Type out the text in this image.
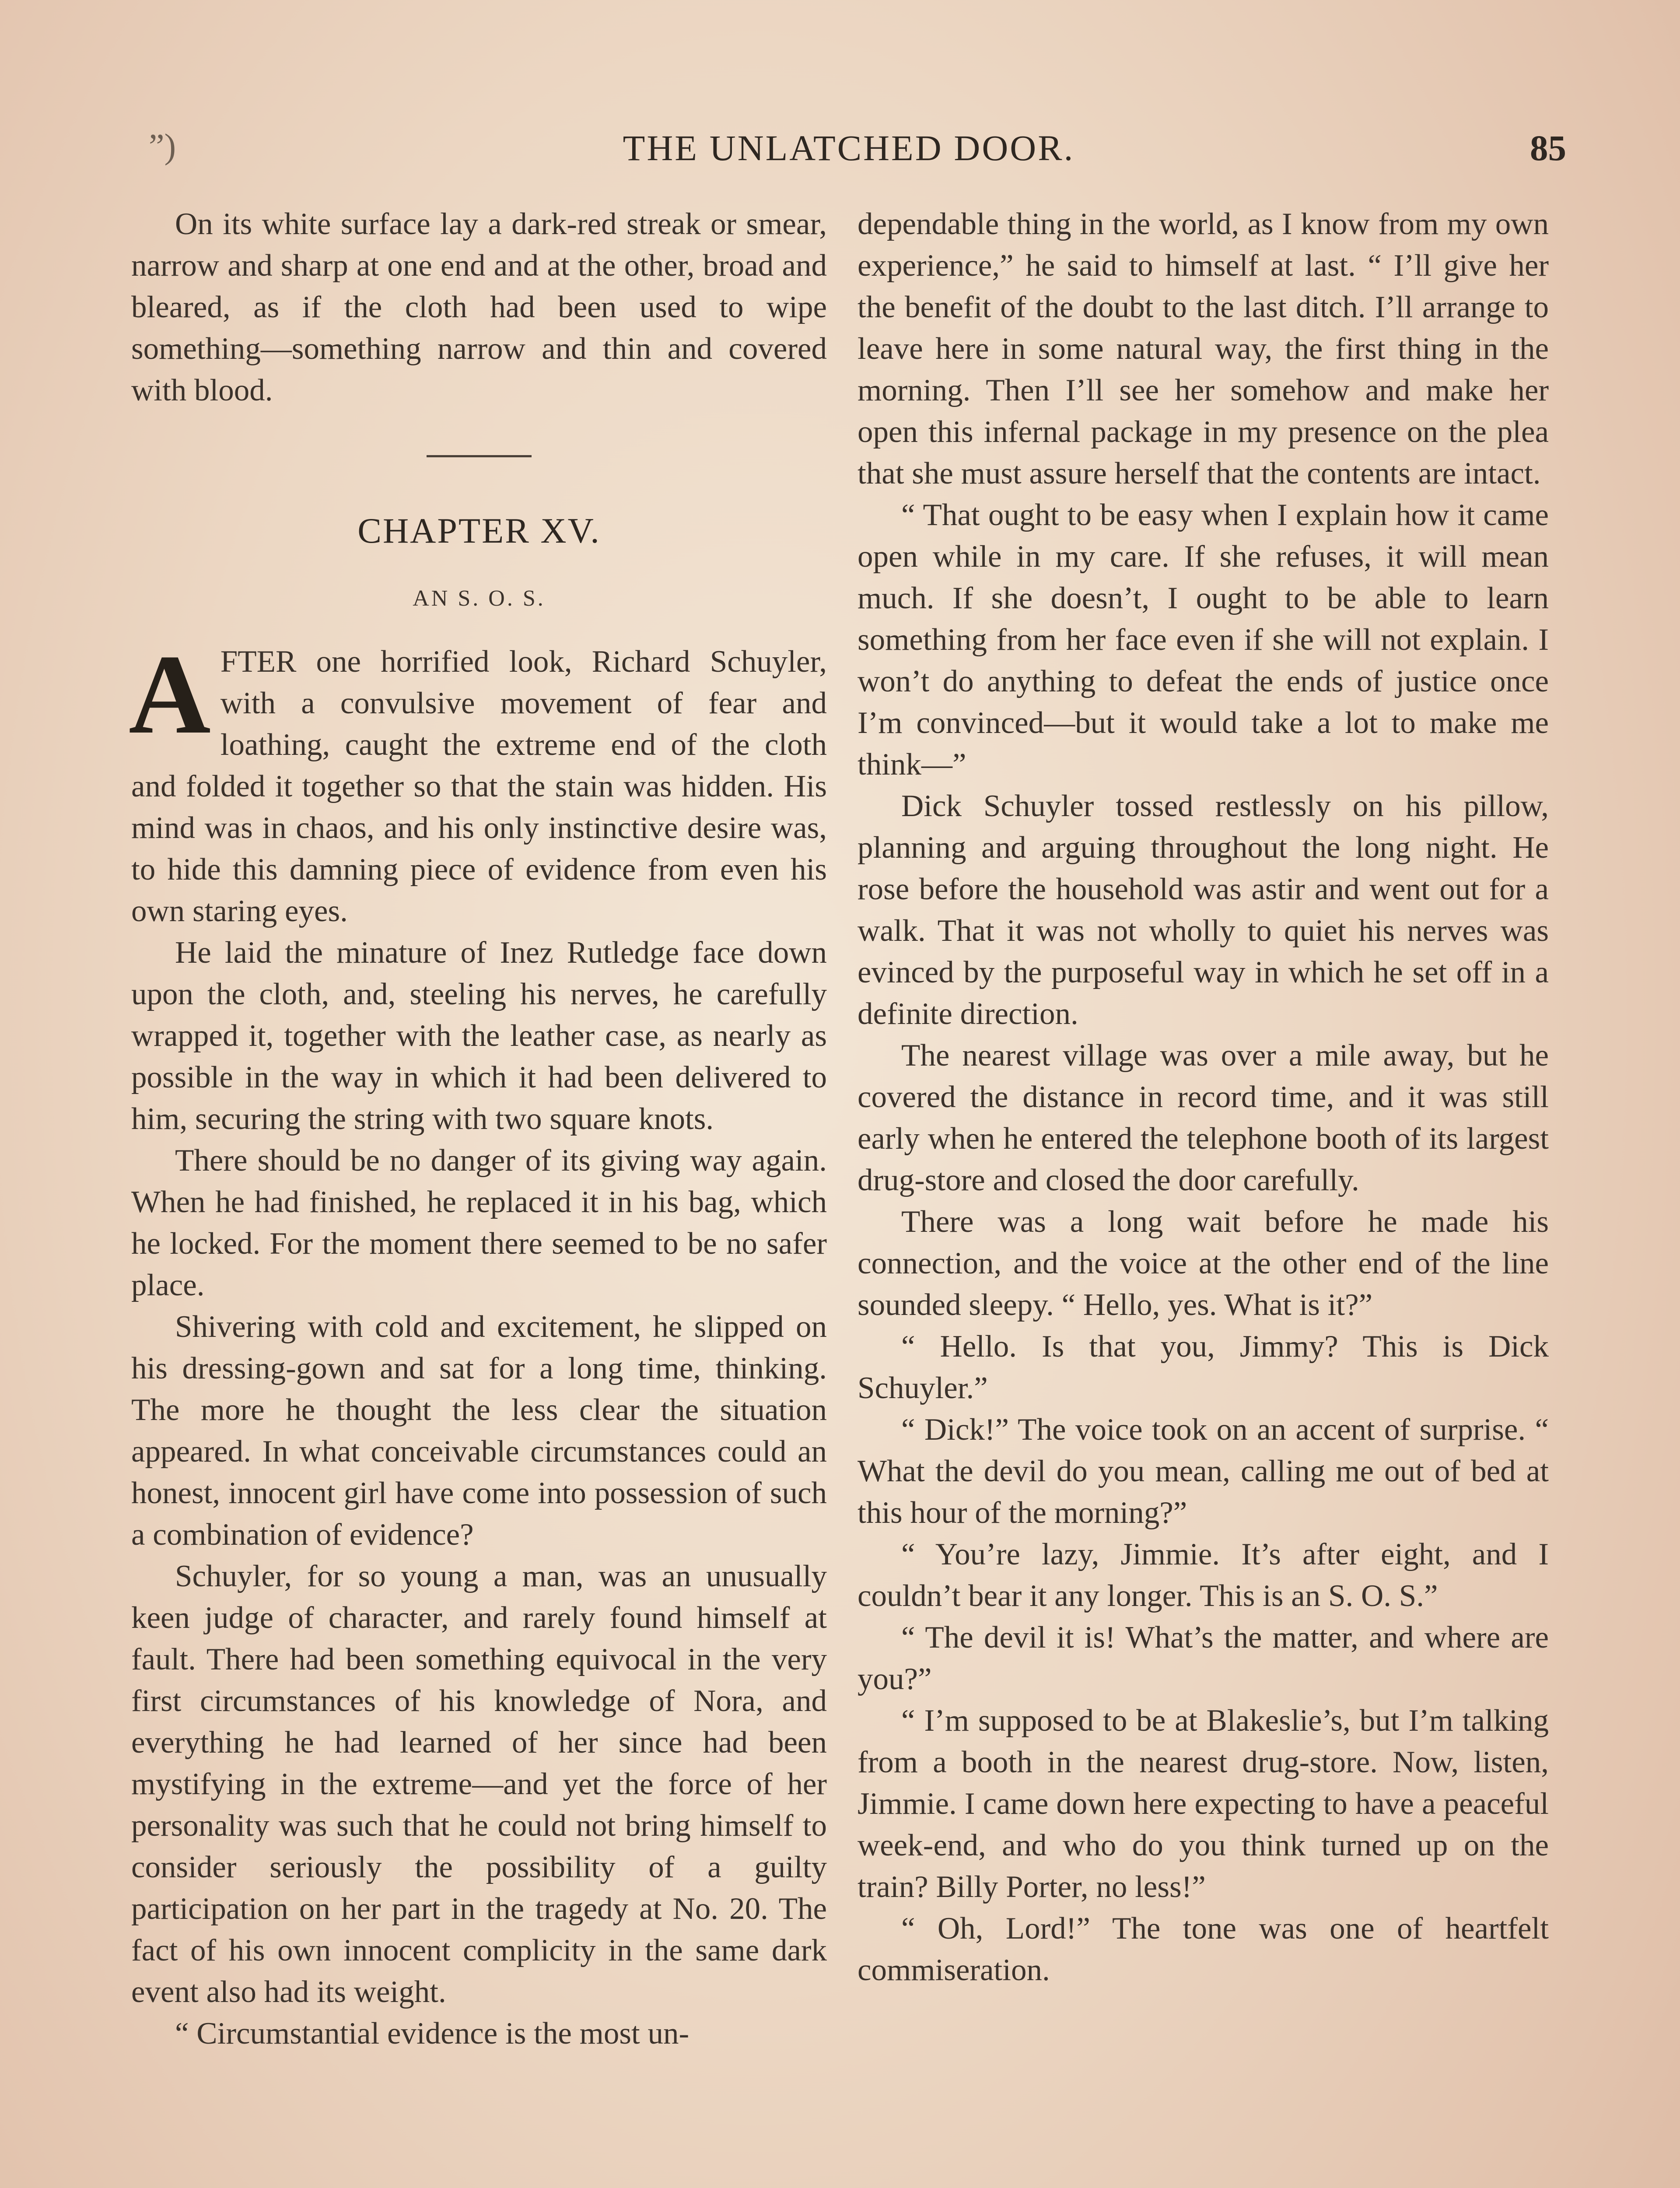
”)	THE UNLATCHED DOOR.	85

On its white surface lay a dark-red streak or smear, narrow and sharp at one end and at the other, broad and bleared, as if the cloth had been used to wipe something—something narrow and thin and covered with blood.

CHAPTER XV.
AN S. O. S.

AFTER one horrified look, Richard Schuyler, with a convulsive movement of fear and loathing, caught the extreme end of the cloth and folded it together so that the stain was hidden. His mind was in chaos, and his only instinctive desire was, to hide this damning piece of evidence from even his own staring eyes.

He laid the minature of Inez Rutledge face down upon the cloth, and, steeling his nerves, he carefully wrapped it, together with the leather case, as nearly as possible in the way in which it had been delivered to him, securing the string with two square knots.

There should be no danger of its giving way again. When he had finished, he replaced it in his bag, which he locked. For the moment there seemed to be no safer place.

Shivering with cold and excitement, he slipped on his dressing-gown and sat for a long time, thinking. The more he thought the less clear the situation appeared. In what conceivable circumstances could an honest, innocent girl have come into possession of such a combination of evidence?

Schuyler, for so young a man, was an unusually keen judge of character, and rarely found himself at fault. There had been something equivocal in the very first circumstances of his knowledge of Nora, and everything he had learned of her since had been mystifying in the extreme—and yet the force of her personality was such that he could not bring himself to consider seriously the possibility of a guilty participation on her part in the tragedy at No. 20. The fact of his own innocent complicity in the same dark event also had its weight.

“ Circumstantial evidence is the most un-

dependable thing in the world, as I know from my own experience,” he said to himself at last. “ I’ll give her the benefit of the doubt to the last ditch. I’ll arrange to leave here in some natural way, the first thing in the morning. Then I’ll see her somehow and make her open this infernal package in my presence on the plea that she must assure herself that the contents are intact.

“ That ought to be easy when I explain how it came open while in my care. If she refuses, it will mean much. If she doesn’t, I ought to be able to learn something from her face even if she will not explain. I won’t do anything to defeat the ends of justice once I’m convinced—but it would take a lot to make me think—”

Dick Schuyler tossed restlessly on his pillow, planning and arguing throughout the long night. He rose before the household was astir and went out for a walk. That it was not wholly to quiet his nerves was evinced by the purposeful way in which he set off in a definite direction.

The nearest village was over a mile away, but he covered the distance in record time, and it was still early when he entered the telephone booth of its largest drug-store and closed the door carefully.

There was a long wait before he made his connection, and the voice at the other end of the line sounded sleepy. “ Hello, yes. What is it?”

“ Hello. Is that you, Jimmy? This is Dick Schuyler.”

“ Dick!” The voice took on an accent of surprise. “ What the devil do you mean, calling me out of bed at this hour of the morning?”

“ You’re lazy, Jimmie. It’s after eight, and I couldn’t bear it any longer. This is an S. O. S.”

“ The devil it is! What’s the matter, and where are you?”

“ I’m supposed to be at Blakeslie’s, but I’m talking from a booth in the nearest drug-store. Now, listen, Jimmie. I came down here expecting to have a peaceful week-end, and who do you think turned up on the train? Billy Porter, no less!”

“ Oh, Lord!” The tone was one of heartfelt commiseration.
